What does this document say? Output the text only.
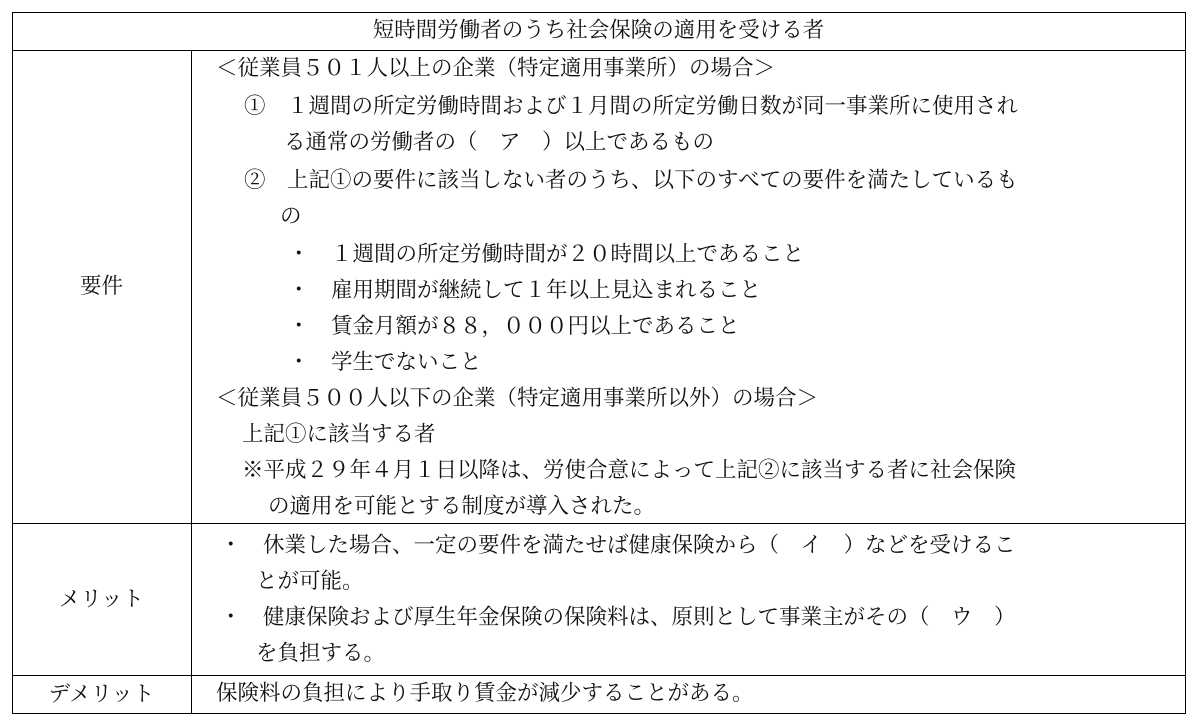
短時間労働者のうち社会保険の適用を受ける者
要件
＜従業員５０１人以上の企業（特定適用事業所）の場合＞
①　１週間の所定労働時間および１月間の所定労働日数が同一事業所に使用され
る通常の労働者の（　ア　）以上であるもの
②　上記①の要件に該当しない者のうち、以下のすべての要件を満たしているも
の
・　１週間の所定労働時間が２０時間以上であること
・　雇用期間が継続して１年以上見込まれること
・　賃金月額が８８，０００円以上であること
・　学生でないこと
＜従業員５００人以下の企業（特定適用事業所以外）の場合＞
上記①に該当する者
※平成２９年４月１日以降は、労使合意によって上記②に該当する者に社会保険
の適用を可能とする制度が導入された。
メリット
・　休業した場合、一定の要件を満たせば健康保険から（　イ　）などを受けるこ
とが可能。
・　健康保険および厚生年金保険の保険料は、原則として事業主がその（　ウ　）
を負担する。
デメリット	保険料の負担により手取り賃金が減少することがある。
